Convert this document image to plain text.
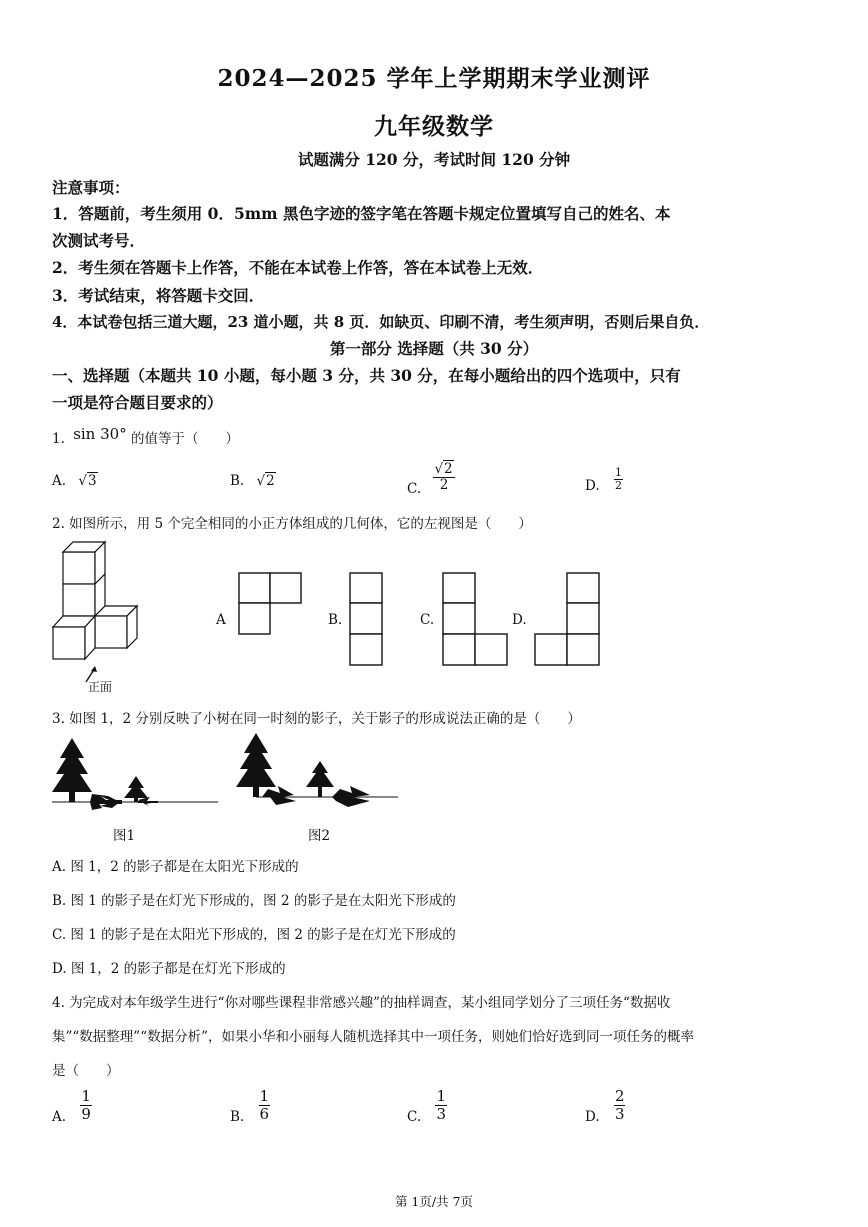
2024—2025 学年上学期期末学业测评
九年级数学
试题满分 120 分，考试时间 120 分钟
注意事项：
1．答题前，考生须用 0．5mm 黑色字迹的签字笔在答题卡规定位置填写自己的姓名、本
次测试考号．
2．考生须在答题卡上作答，不能在本试卷上作答，答在本试卷上无效．
3．考试结束，将答题卡交回．
4．本试卷包括三道大题，23 道小题，共 8 页．如缺页、印刷不清，考生须声明，否则后果自负．
第一部分 选择题（共 30 分）
一、选择题（本题共 10 小题，每小题 3 分，共 30 分，在每小题给出的四个选项中，只有
一项是符合题目要求的）
1. sin 30° 的值等于（　　）
A. √3	B. √2	C. $\frac{√2}{2}$	D. $\frac{1}{2}$
2. 如图所示，用 5 个完全相同的小正方体组成的几何体，它的左视图是（　　）
正面
A	B.	C.	D.
3. 如图 1，2 分别反映了小树在同一时刻的影子，关于影子的形成说法正确的是（　　）
图1	图2
A. 图 1，2 的影子都是在太阳光下形成的
B. 图 1 的影子是在灯光下形成的，图 2 的影子是在太阳光下形成的
C. 图 1 的影子是在太阳光下形成的，图 2 的影子是在灯光下形成的
D. 图 1，2 的影子都是在灯光下形成的
4. 为完成对本年级学生进行“你对哪些课程非常感兴趣”的抽样调查，某小组同学划分了三项任务“数据收
集”“数据整理”“数据分析”，如果小华和小丽每人随机选择其中一项任务，则她们恰好选到同一项任务的概率
是（　　）
A. $\frac{1}{9}$	B. $\frac{1}{6}$	C. $\frac{1}{3}$	D. $\frac{2}{3}$
第 1页/共 7页
